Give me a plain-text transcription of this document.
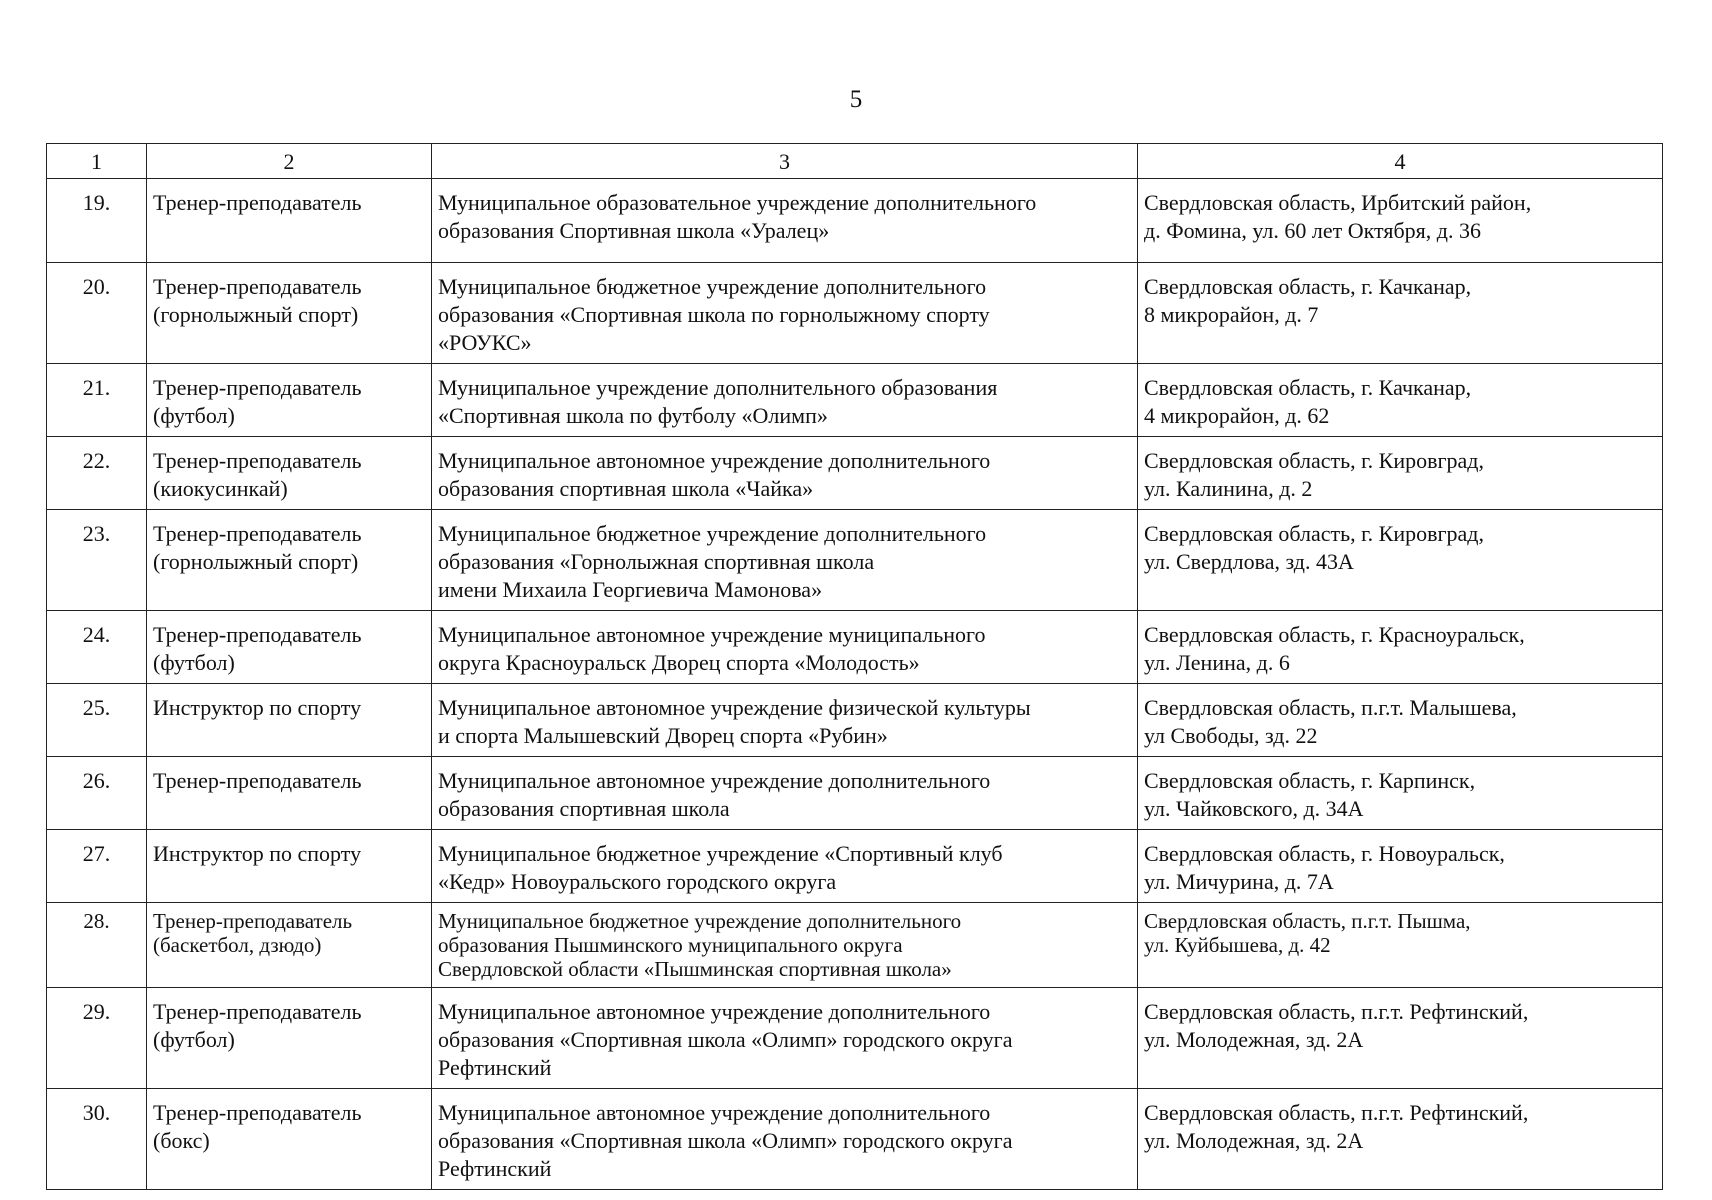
5
1	2	3	4
19.	Тренер-преподаватель	Муниципальное образовательное учреждение дополнительного
образования Спортивная школа «Уралец»	Свердловская область, Ирбитский район,
д. Фомина, ул. 60 лет Октября, д. 36
20.	Тренер-преподаватель
(горнолыжный спорт)	Муниципальное бюджетное учреждение дополнительного
образования «Спортивная школа по горнолыжному спорту
«РОУКС»	Свердловская область, г. Качканар,
8 микрорайон, д. 7
21.	Тренер-преподаватель
(футбол)	Муниципальное учреждение дополнительного образования
«Спортивная школа по футболу «Олимп»	Свердловская область, г. Качканар,
4 микрорайон, д. 62
22.	Тренер-преподаватель
(киокусинкай)	Муниципальное автономное учреждение дополнительного
образования спортивная школа «Чайка»	Свердловская область, г. Кировград,
ул. Калинина, д. 2
23.	Тренер-преподаватель
(горнолыжный спорт)	Муниципальное бюджетное учреждение дополнительного
образования «Горнолыжная спортивная школа
имени Михаила Георгиевича Мамонова»	Свердловская область, г. Кировград,
ул. Свердлова, зд. 43А
24.	Тренер-преподаватель
(футбол)	Муниципальное автономное учреждение муниципального
округа Красноуральск Дворец спорта «Молодость»	Свердловская область, г. Красноуральск,
ул. Ленина, д. 6
25.	Инструктор по спорту	Муниципальное автономное учреждение физической культуры
и спорта Малышевский Дворец спорта «Рубин»	Свердловская область, п.г.т. Малышева,
ул Свободы, зд. 22
26.	Тренер-преподаватель	Муниципальное автономное учреждение дополнительного
образования спортивная школа	Свердловская область, г. Карпинск,
ул. Чайковского, д. 34А
27.	Инструктор по спорту	Муниципальное бюджетное учреждение «Спортивный клуб
«Кедр» Новоуральского городского округа	Свердловская область, г. Новоуральск,
ул. Мичурина, д. 7А
28.	Тренер-преподаватель
(баскетбол, дзюдо)	Муниципальное бюджетное учреждение дополнительного
образования Пышминского муниципального округа
Свердловской области «Пышминская спортивная школа»	Свердловская область, п.г.т. Пышма,
ул. Куйбышева, д. 42
29.	Тренер-преподаватель
(футбол)	Муниципальное автономное учреждение дополнительного
образования «Спортивная школа «Олимп» городского округа
Рефтинский	Свердловская область, п.г.т. Рефтинский,
ул. Молодежная, зд. 2А
30.	Тренер-преподаватель
(бокс)	Муниципальное автономное учреждение дополнительного
образования «Спортивная школа «Олимп» городского округа
Рефтинский	Свердловская область, п.г.т. Рефтинский,
ул. Молодежная, зд. 2А
